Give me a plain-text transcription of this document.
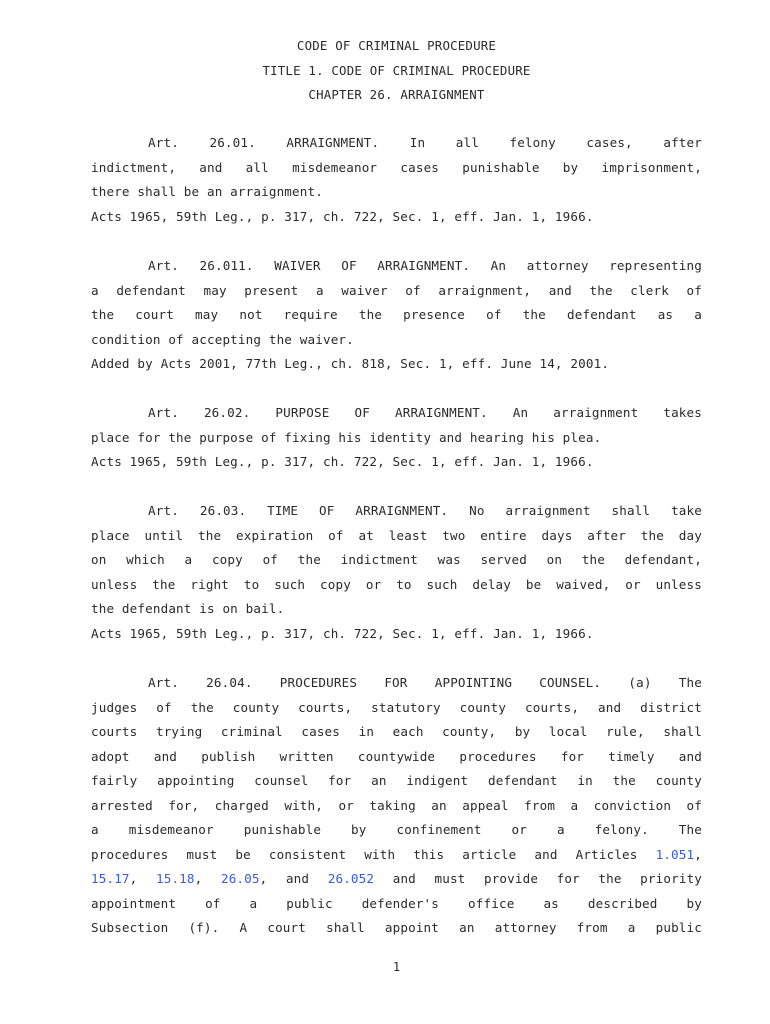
CODE OF CRIMINAL PROCEDURE
TITLE 1. CODE OF CRIMINAL PROCEDURE
CHAPTER 26. ARRAIGNMENT
Art. 26.01. ARRAIGNMENT. In all felony cases, after
indictment, and all misdemeanor cases punishable by imprisonment,
there shall be an arraignment.
Acts 1965, 59th Leg., p. 317, ch. 722, Sec. 1, eff. Jan. 1, 1966.
Art. 26.011. WAIVER OF ARRAIGNMENT. An attorney representing
a defendant may present a waiver of arraignment, and the clerk of
the court may not require the presence of the defendant as a
condition of accepting the waiver.
Added by Acts 2001, 77th Leg., ch. 818, Sec. 1, eff. June 14, 2001.
Art. 26.02. PURPOSE OF ARRAIGNMENT. An arraignment takes
place for the purpose of fixing his identity and hearing his plea.
Acts 1965, 59th Leg., p. 317, ch. 722, Sec. 1, eff. Jan. 1, 1966.
Art. 26.03. TIME OF ARRAIGNMENT. No arraignment shall take
place until the expiration of at least two entire days after the day
on which a copy of the indictment was served on the defendant,
unless the right to such copy or to such delay be waived, or unless
the defendant is on bail.
Acts 1965, 59th Leg., p. 317, ch. 722, Sec. 1, eff. Jan. 1, 1966.
Art. 26.04. PROCEDURES FOR APPOINTING COUNSEL. (a) The
judges of the county courts, statutory county courts, and district
courts trying criminal cases in each county, by local rule, shall
adopt and publish written countywide procedures for timely and
fairly appointing counsel for an indigent defendant in the county
arrested for, charged with, or taking an appeal from a conviction of
a misdemeanor punishable by confinement or a felony. The
procedures must be consistent with this article and Articles 1.051,
15.17, 15.18, 26.05, and 26.052 and must provide for the priority
appointment of a public defender's office as described by
Subsection (f). A court shall appoint an attorney from a public
1
